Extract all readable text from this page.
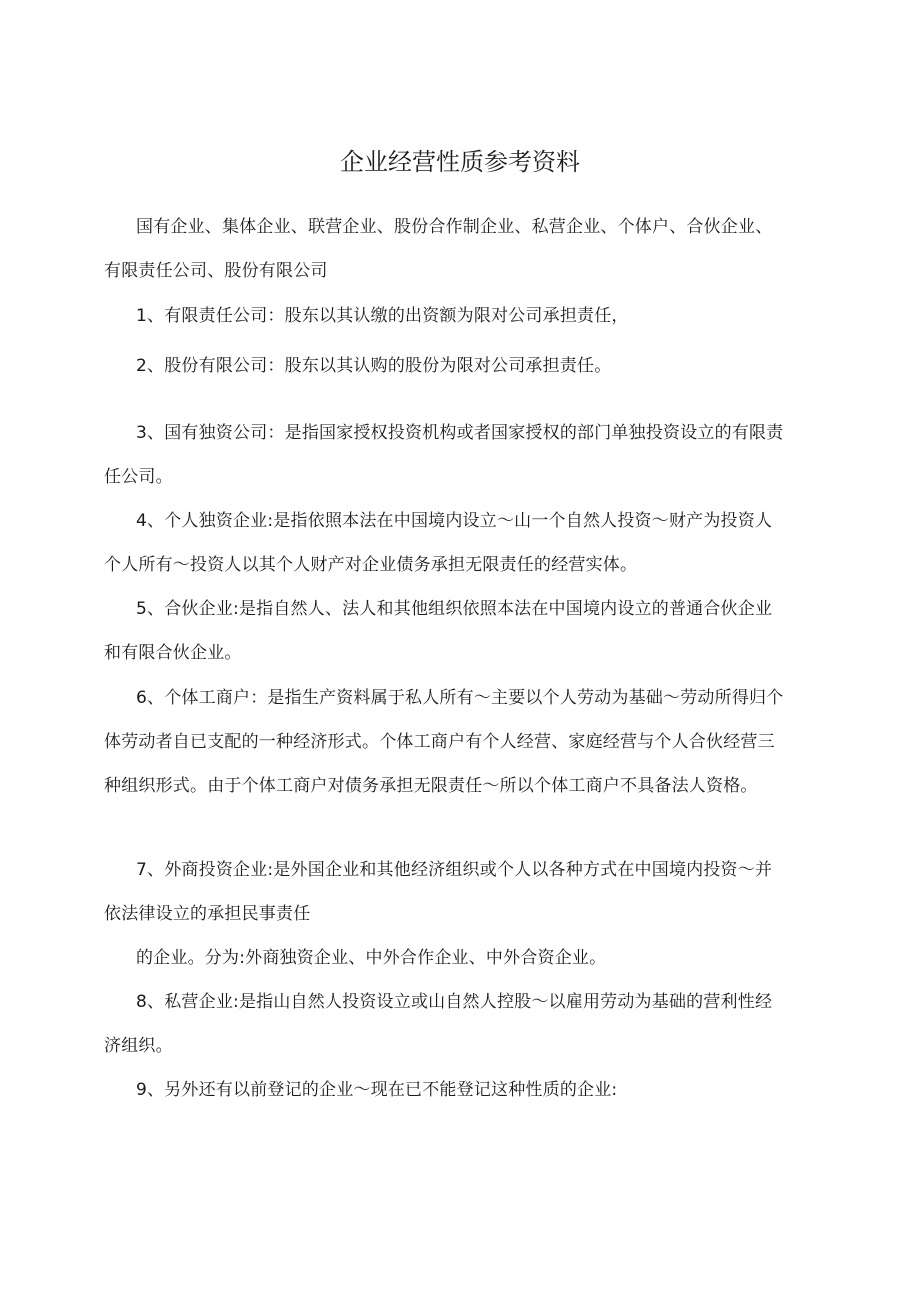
企业经营性质参考资料

国有企业、集体企业、联营企业、股份合作制企业、私营企业、个体户、合伙企业、有限责任公司、股份有限公司

1、有限责任公司：股东以其认缴的出资额为限对公司承担责任，

2、股份有限公司：股东以其认购的股份为限对公司承担责任。

3、国有独资公司：是指国家授权投资机构或者国家授权的部门单独投资设立的有限责任公司。

4、个人独资企业:是指依照本法在中国境内设立～山一个自然人投资～财产为投资人个人所有～投资人以其个人财产对企业债务承担无限责任的经营实体。

5、合伙企业:是指自然人、法人和其他组织依照本法在中国境内设立的普通合伙企业和有限合伙企业。

6、个体工商户：是指生产资料属于私人所有～主要以个人劳动为基础～劳动所得归个体劳动者自已支配的一种经济形式。个体工商户有个人经营、家庭经营与个人合伙经营三种组织形式。由于个体工商户对债务承担无限责任～所以个体工商户不具备法人资格。

7、外商投资企业:是外国企业和其他经济组织或个人以各种方式在中国境内投资～并依法律设立的承担民事责任

的企业。分为:外商独资企业、中外合作企业、中外合资企业。

8、私营企业:是指山自然人投资设立或山自然人控股～以雇用劳动为基础的营利性经济组织。

9、另外还有以前登记的企业～现在已不能登记这种性质的企业:
